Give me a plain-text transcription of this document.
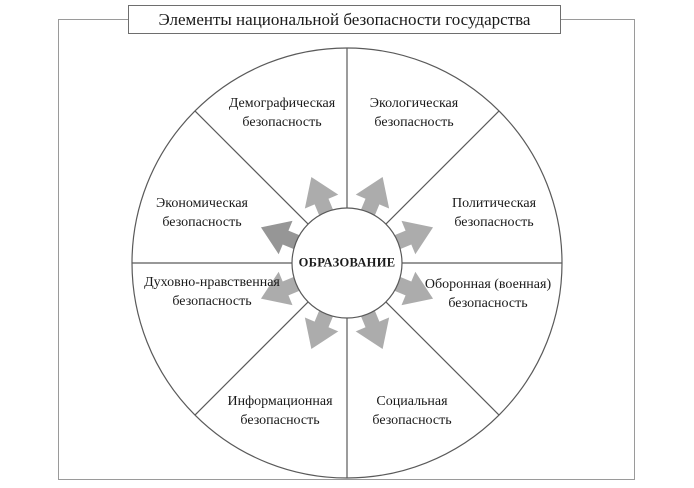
Элементы национальной безопасности государства
ОБРАЗОВАНИЕ
Демографическая
безопасность
Экологическая
безопасность
Политическая
безопасность
Оборонная (военная)
безопасность
Социальная
безопасность
Информационная
безопасность
Духовно-нравственная
безопасность
Экономическая
безопасность
